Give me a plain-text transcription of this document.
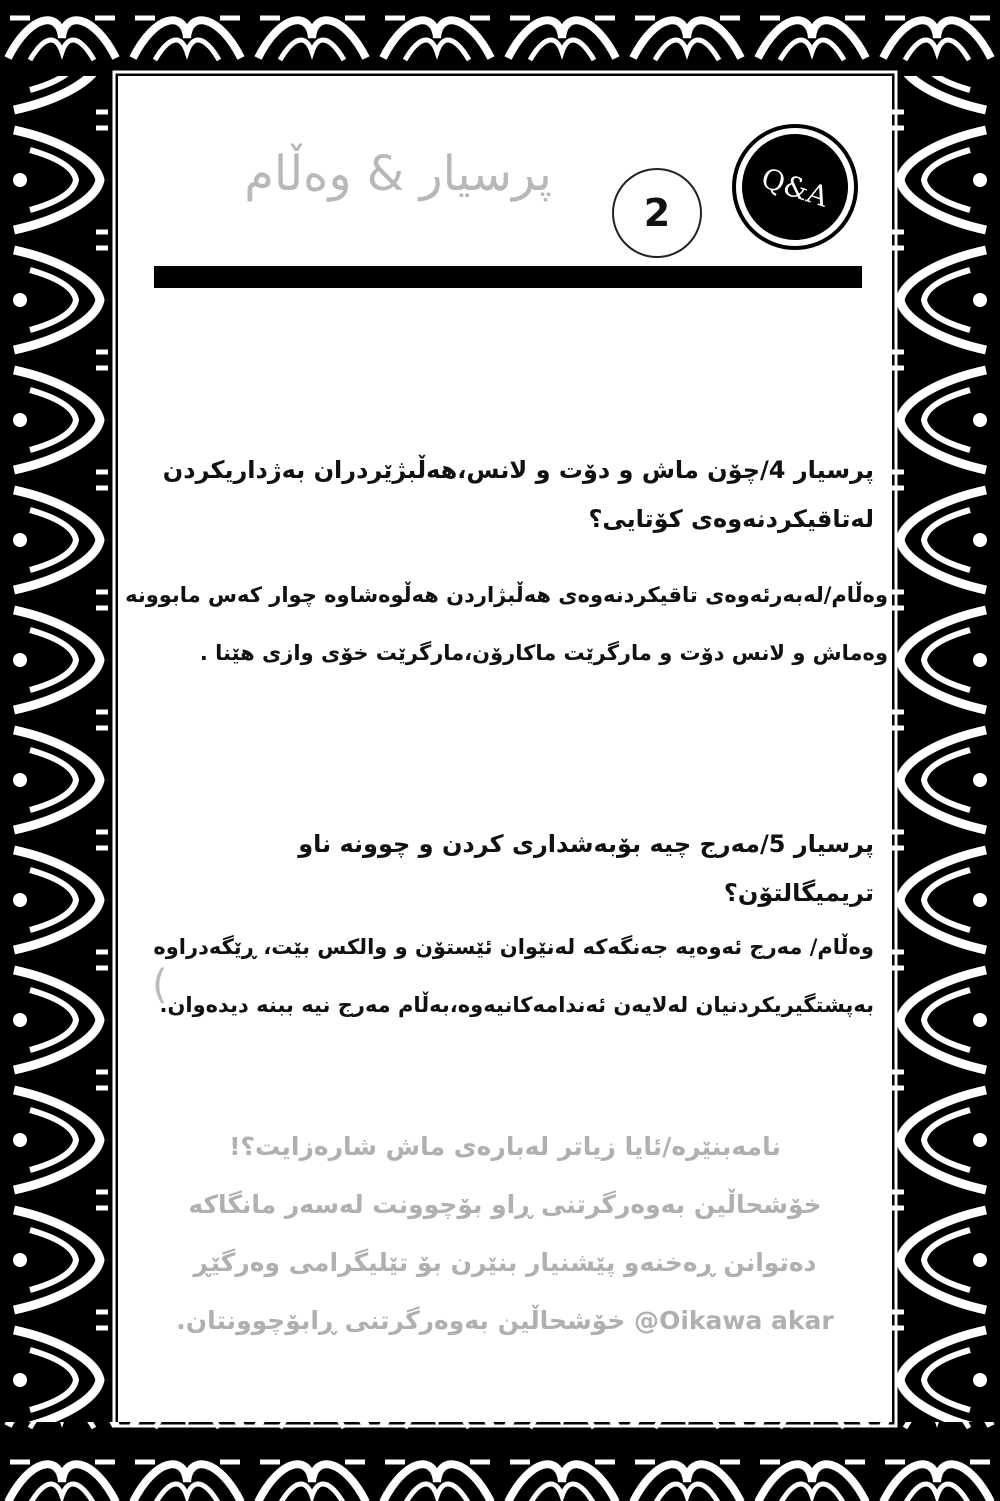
پرسیار & وەڵام
2	Q&A
پرسیار 4/چۆن ماش و دۆت و لانس،هەڵبژێردران بەژداریکردن
لەتاقیکردنەوەی کۆتایی؟
وەڵام/لەبەرئەوەی تاقیکردنەوەی هەڵبژاردن هەڵوەشاوە چوار کەس مابوونە
وەماش و لانس دۆت و مارگرێت ماکارۆن،مارگرێت خۆی وازی هێنا .
پرسیار 5/مەرج چیە بۆبەشداری کردن و چوونە ناو تریمیگالتۆن؟
وەڵام/ مەرج ئەوەیە جەنگەکە لەنێوان ئێستۆن و والکس بێت، ڕێگەدراوە
بەپشتگیریکردنیان لەلایەن ئەندامەکانیەوە،بەڵام مەرج نیە ببنە دیدەوان.
(
نامەبنێرە/ئایا زیاتر لەبارەی ماش شارەزایت؟!
خۆشحاڵین بەوەرگرتنی ڕاو بۆچوونت لەسەر مانگاکە
دەتوانن ڕەخنەو پێشنیار بنێرن بۆ تێلیگرامی وەرگێڕ
Oikawa akar@ خۆشحاڵین بەوەرگرتنی ڕابۆچوونتان.
